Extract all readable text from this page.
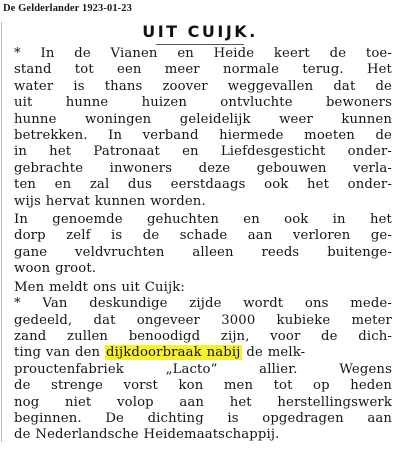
De Gelderlander 1923-01-23
UIT CUIJK.
* In de Vianen en Heide keert de toe-
stand tot een meer normale terug. Het
water is thans zoover weggevallen dat de
uit hunne huizen ontvluchte bewoners
hunne woningen geleidelijk weer kunnen
betrekken. In verband hiermede moeten de
in het Patronaat en Liefdesgesticht onder-
gebrachte inwoners deze gebouwen verla-
ten en zal dus eerstdaags ook het onder-
wijs hervat kunnen worden.
In genoemde gehuchten en ook in het
dorp zelf is de schade aan verloren ge-
gane veldvruchten alleen reeds buitenge-
woon groot.
Men meldt ons uit Cuijk:
* Van deskundige zijde wordt ons mede-
gedeeld, dat ongeveer 3000 kubieke meter
zand zullen benoodigd zijn, voor de dich-
ting van den dijkdoorbraak nabij de melk-
prouctenfabriek „Lacto” allier. Wegens
de strenge vorst kon men tot op heden
nog niet volop aan het herstellingswerk
beginnen. De dichting is opgedragen aan
de Nederlandsche Heidemaatschappij.
